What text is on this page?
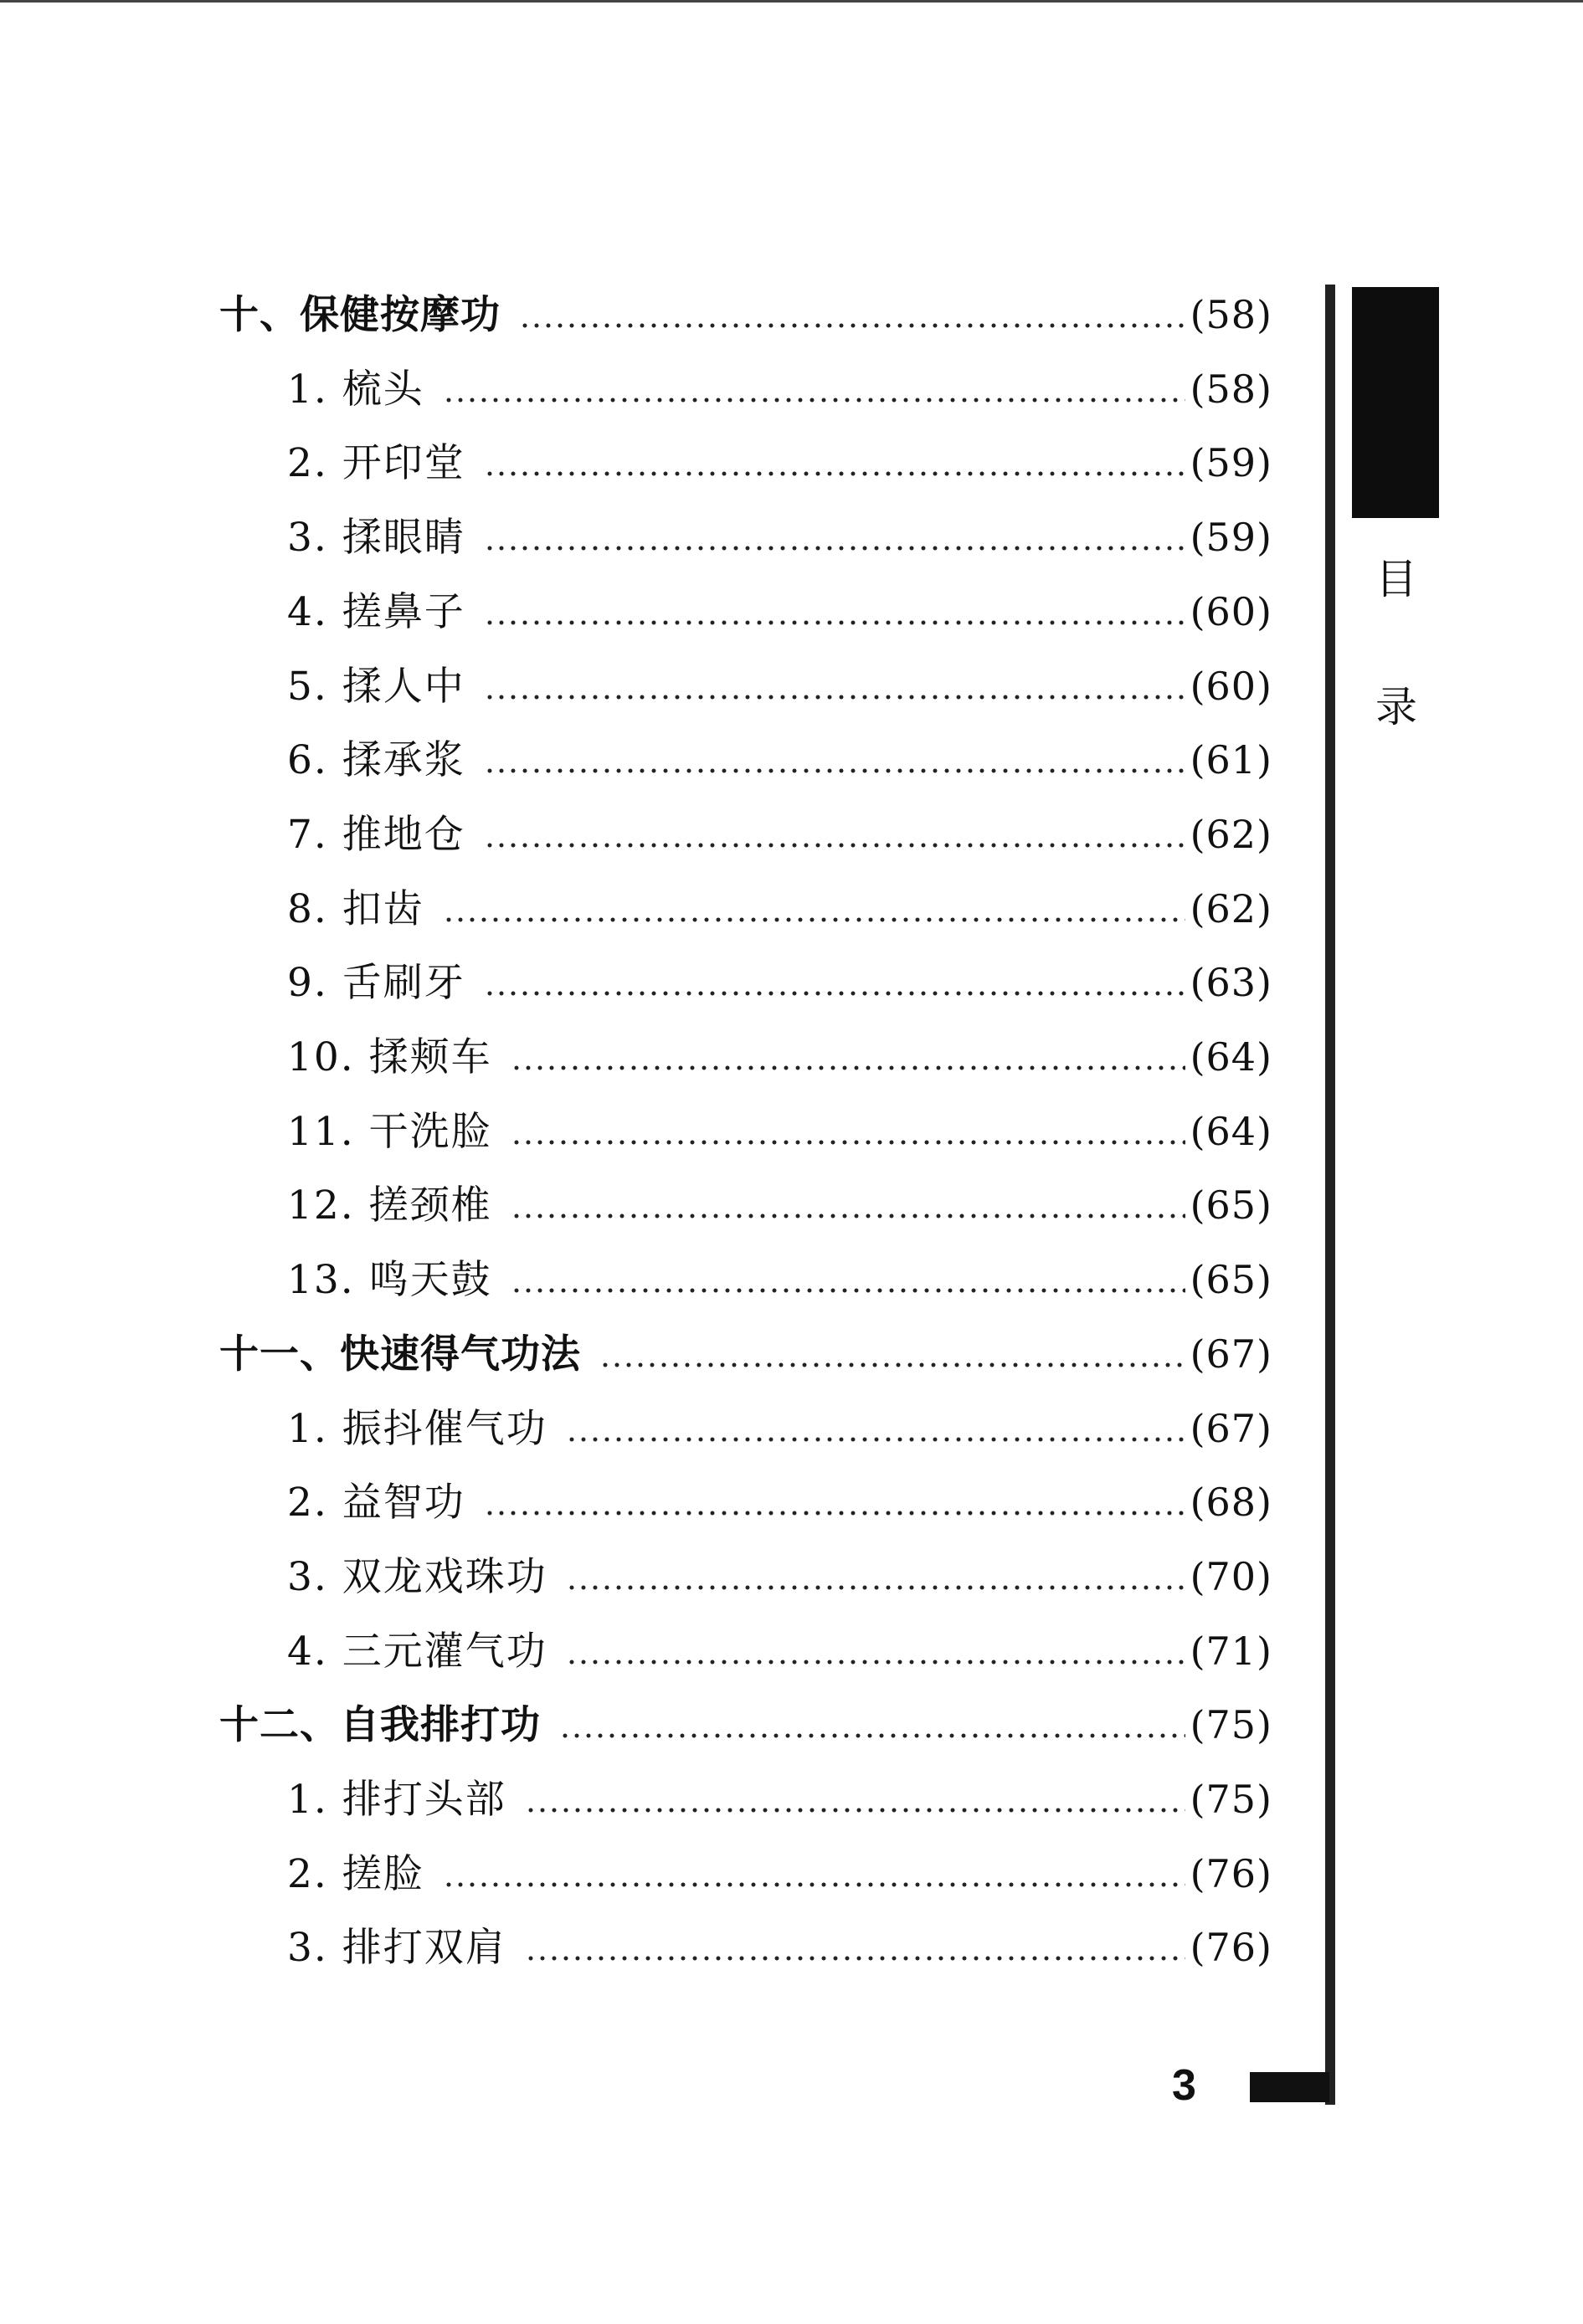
十、保健按摩功	(58)
1. 梳头	(58)
2. 开印堂	(59)
3. 揉眼睛	(59)
4. 搓鼻子	(60)
5. 揉人中	(60)
6. 揉承浆	(61)
7. 推地仓	(62)
8. 扣齿	(62)
9. 舌刷牙	(63)
10. 揉颊车	(64)
11. 干洗脸	(64)
12. 搓颈椎	(65)
13. 鸣天鼓	(65)
十一、快速得气功法	(67)
1. 振抖催气功	(67)
2. 益智功	(68)
3. 双龙戏珠功	(70)
4. 三元灌气功	(71)
十二、自我排打功	(75)
1. 排打头部	(75)
2. 搓脸	(76)
3. 排打双肩	(76)
目
录
3
